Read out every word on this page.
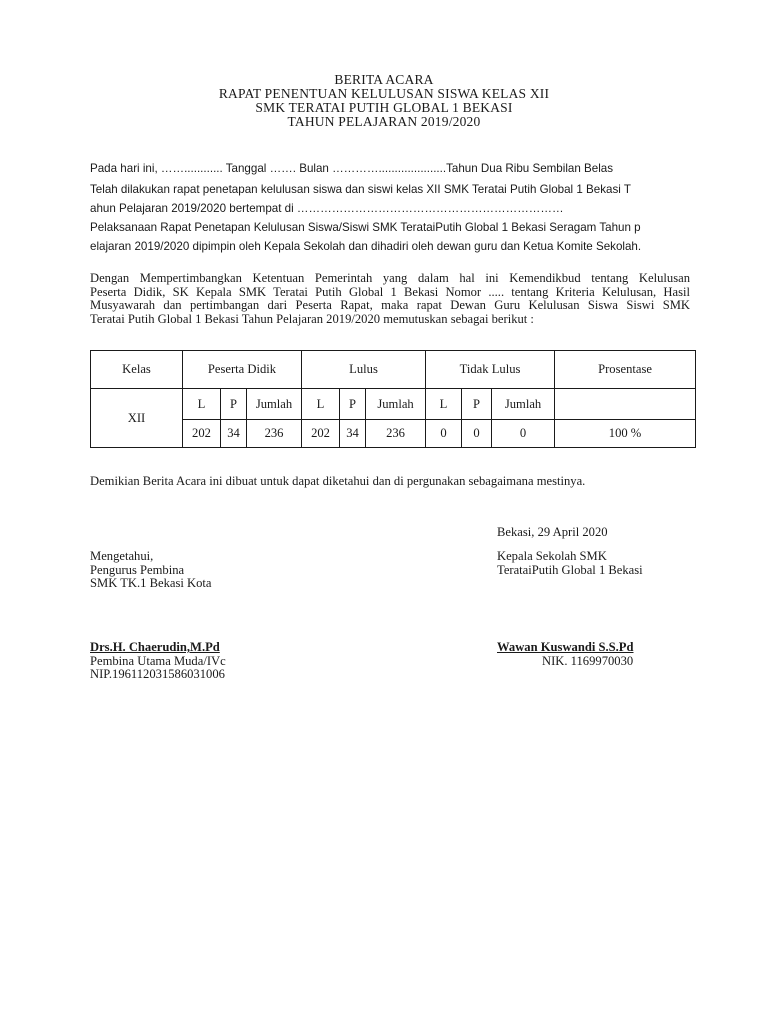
BERITA ACARA
RAPAT PENENTUAN KELULUSAN SISWA KELAS XII
SMK TERATAI PUTIH GLOBAL 1 BEKASI
TAHUN PELAJARAN 2019/2020
Pada hari ini, ……............ Tanggal ……. Bulan ………….....................Tahun Dua Ribu Sembilan Belas
Telah dilakukan rapat penetapan kelulusan siswa dan siswi kelas XII SMK Teratai Putih Global 1 Bekasi T
ahun Pelajaran 2019/2020 bertempat di ……………………………………………………………
Pelaksanaan Rapat Penetapan Kelulusan Siswa/Siswi SMK TerataiPutih Global 1 Bekasi Seragam Tahun p
elajaran 2019/2020 dipimpin oleh Kepala Sekolah dan dihadiri oleh dewan guru dan Ketua Komite Sekolah.
Dengan Mempertimbangkan Ketentuan Pemerintah yang dalam hal ini Kemendikbud tentang Kelulusan
Peserta Didik, SK Kepala SMK Teratai Putih Global 1 Bekasi Nomor ..... tentang Kriteria Kelulusan, Hasil
Musyawarah dan pertimbangan dari Peserta Rapat, maka rapat Dewan Guru Kelulusan Siswa Siswi SMK
Teratai Putih Global 1 Bekasi Tahun Pelajaran 2019/2020 memutuskan sebagai berikut :
Kelas	Peserta Didik			Lulus			Tidak Lulus			Prosentase
XII	L	P	Jumlah	L	P	Jumlah	L	P	Jumlah	
	202	34	236	202	34	236	0	0	0	100 %
Demikian Berita Acara ini dibuat untuk dapat diketahui dan di pergunakan sebagaimana mestinya.
Bekasi, 29 April 2020
Mengetahui,
Pengurus Pembina
SMK TK.1 Bekasi Kota
Kepala Sekolah SMK
TerataiPutih Global 1 Bekasi
Drs.H. Chaerudin,M.Pd
Pembina Utama Muda/IVc
NIP.196112031586031006
Wawan Kuswandi S.S.Pd
NIK. 1169970030
